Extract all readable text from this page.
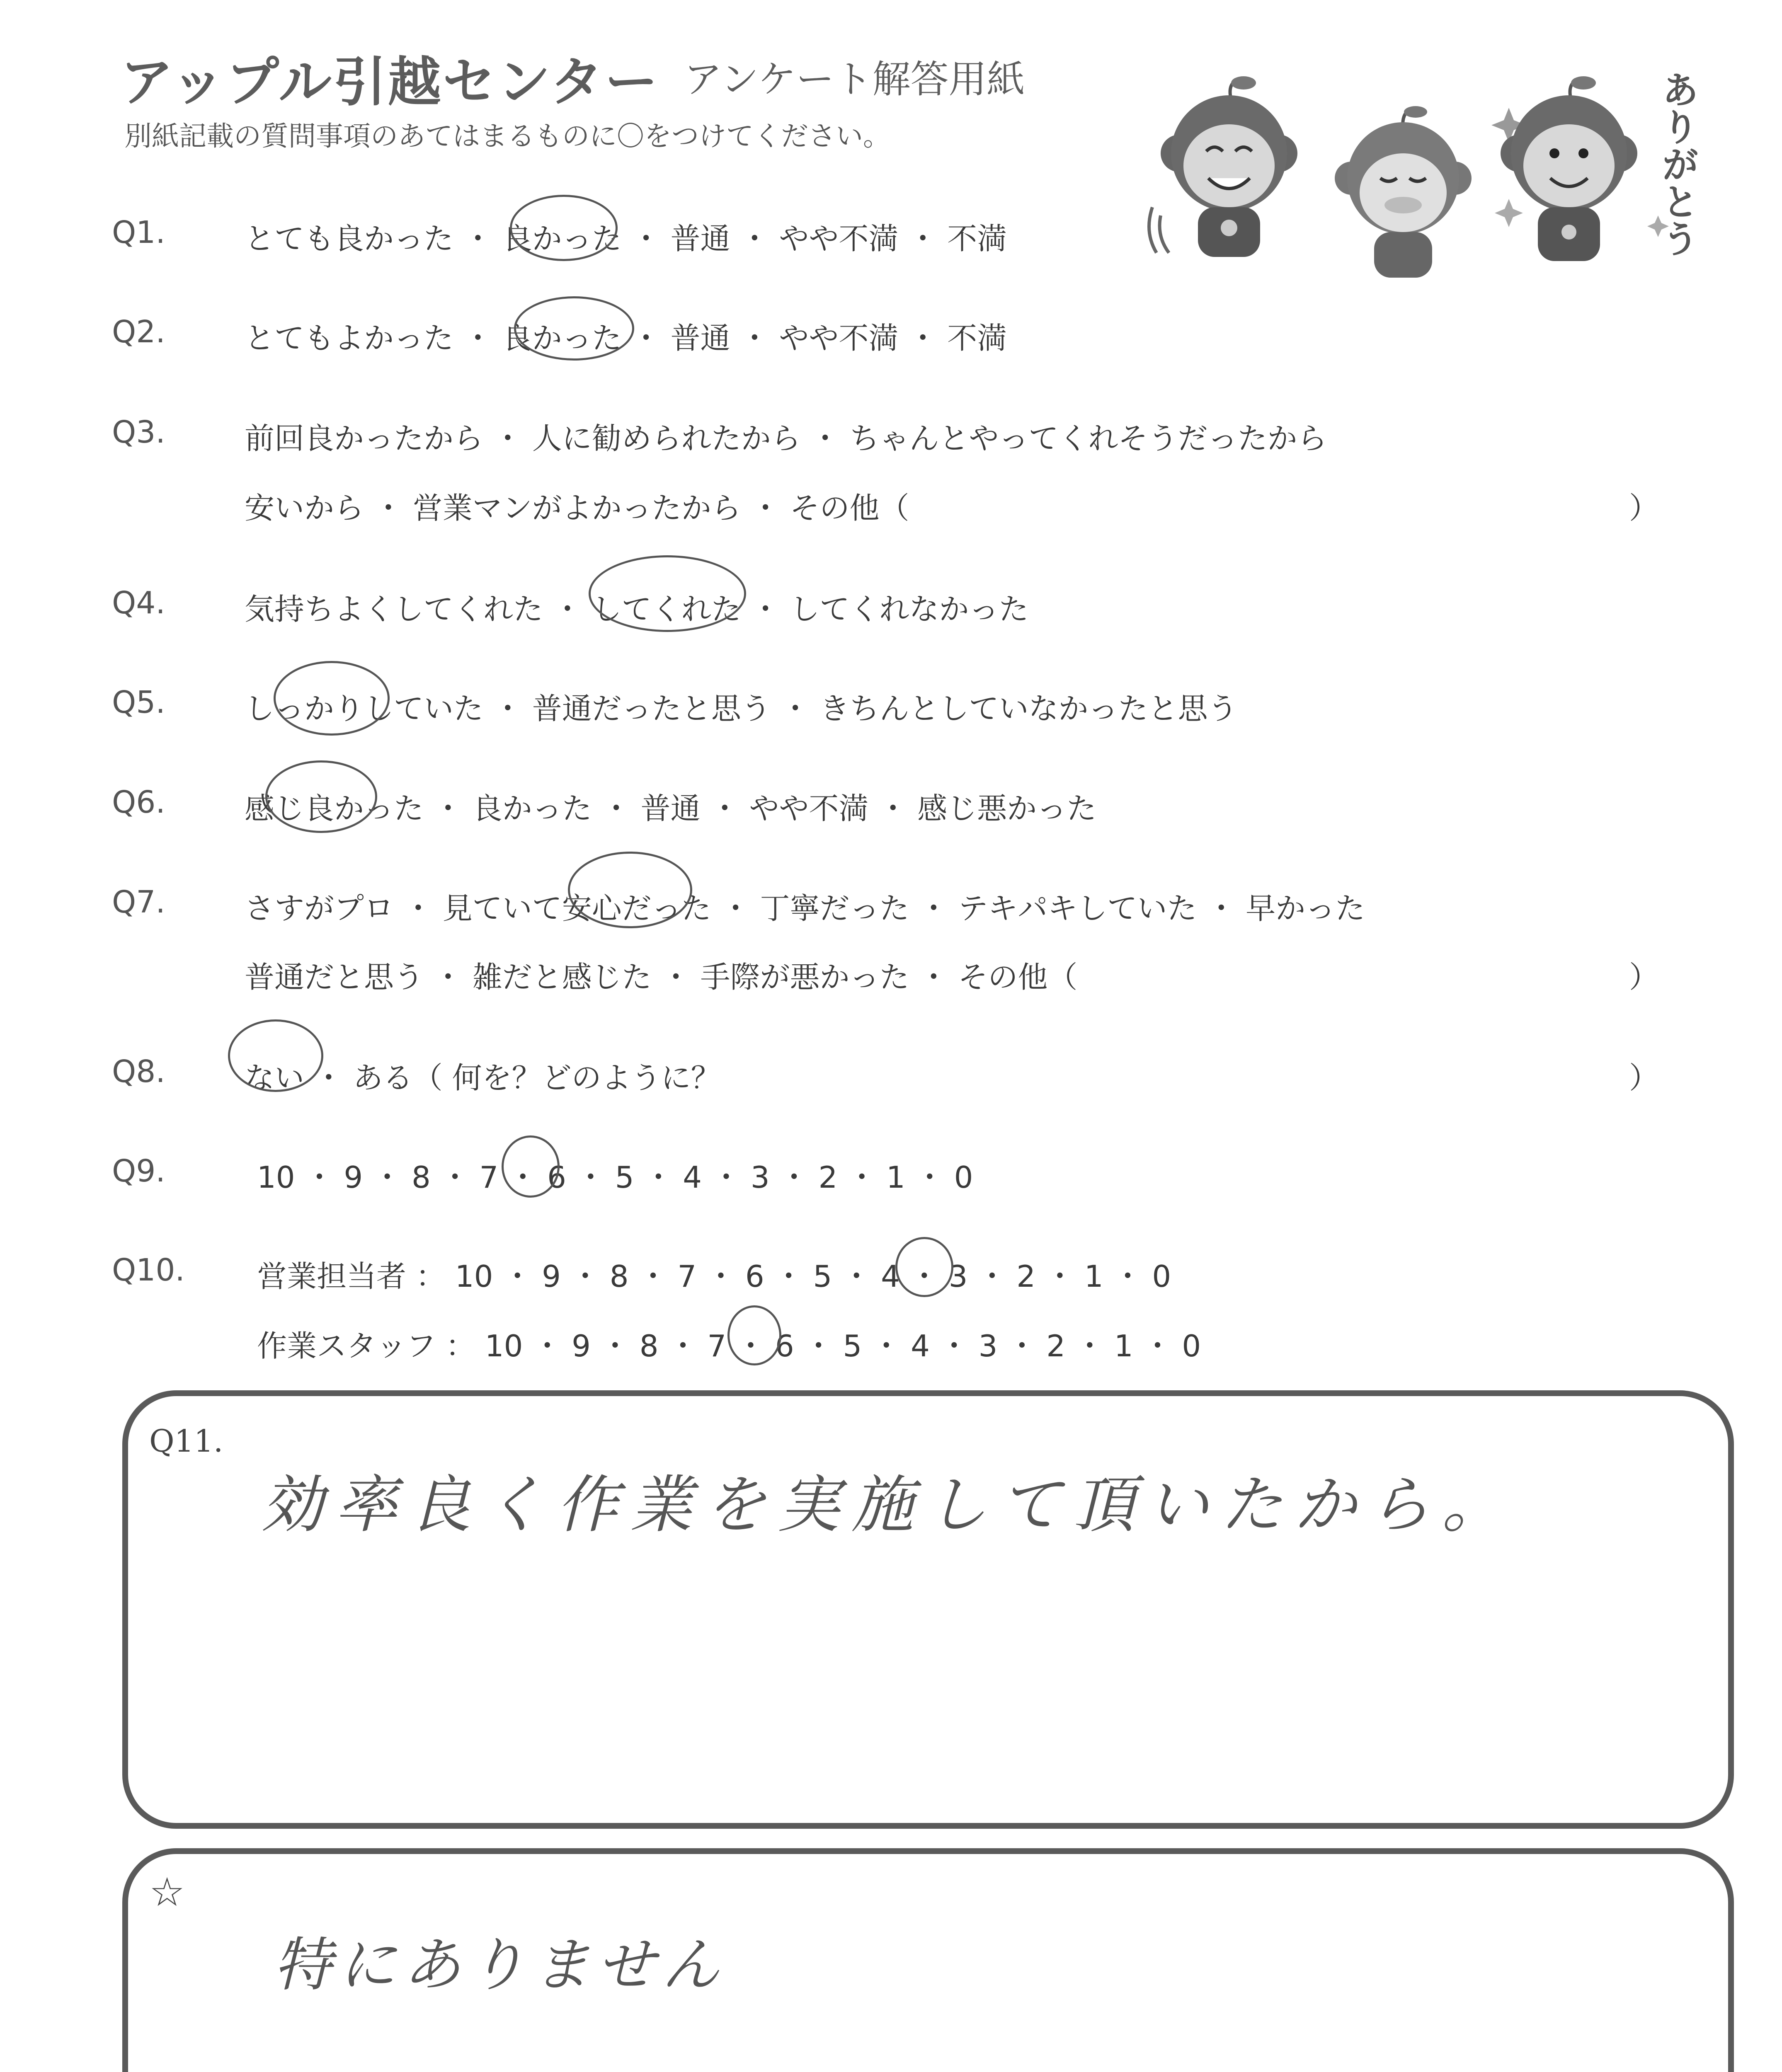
アップル引越センター アンケート解答用紙
別紙記載の質問事項のあてはまるものに〇をつけてください。	ありがとう
Q1.	とても良かった ・ 良かった ・ 普通 ・ やや不満 ・ 不満
Q2.	とてもよかった ・ 良かった ・ 普通 ・ やや不満 ・ 不満
Q3.	前回良かったから ・ 人に勧められたから ・ ちゃんとやってくれそうだったから
安いから ・ 営業マンがよかったから ・ その他（	）
Q4.	気持ちよくしてくれた ・ してくれた ・ してくれなかった
Q5.	しっかりしていた ・ 普通だったと思う ・ きちんとしていなかったと思う
Q6.	感じ良かった ・ 良かった ・ 普通 ・ やや不満 ・ 感じ悪かった
Q7.	さすがプロ ・ 見ていて安心だった ・ 丁寧だった ・ テキパキしていた ・ 早かった
普通だと思う ・ 雑だと感じた ・ 手際が悪かった ・ その他（	）
Q8.	ない ・ ある（ 何を？どのように？	）
Q9.	10 ・ 9 ・ 8 ・ 7 ・ 6 ・ 5 ・ 4 ・ 3 ・ 2 ・ 1 ・ 0
Q10. 営業担当者 ： 10 ・ 9 ・ 8 ・ 7 ・ 6 ・ 5 ・ 4 ・ 3 ・ 2 ・ 1 ・ 0
作業スタッフ ： 10 ・ 9 ・ 8 ・ 7 ・ 6 ・ 5 ・ 4 ・ 3 ・ 2 ・ 1 ・ 0
Q11.
効率良く作業を実施して頂いたから。
☆
特にありません
